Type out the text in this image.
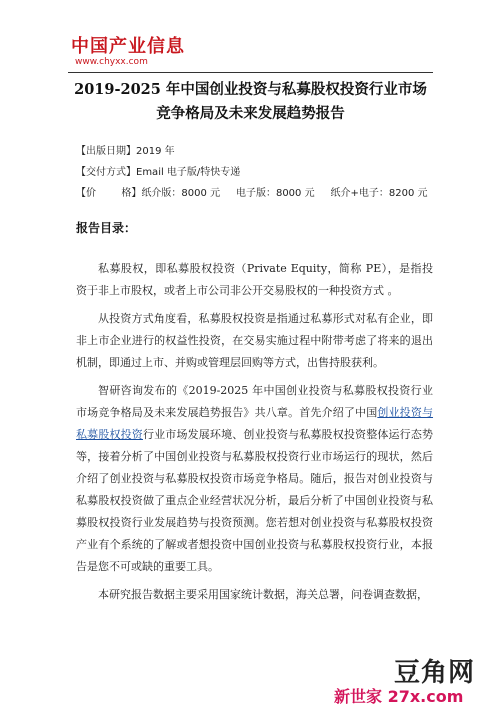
中国产业信息
www.chyxx.com
2019-2025 年中国创业投资与私募股权投资行业市场
竞争格局及未来发展趋势报告
【出版日期】2019 年
【交付方式】Email 电子版/特快专递
【价        格】纸介版：8000 元     电子版：8000 元     纸介+电子：8200 元
报告目录：

私募股权，即私募股权投资（Private Equity，简称 PE），是指投资于非上市股权，或者上市公司非公开交易股权的一种投资方式 。

从投资方式角度看，私募股权投资是指通过私募形式对私有企业，即非上市企业进行的权益性投资，在交易实施过程中附带考虑了将来的退出机制，即通过上市、并购或管理层回购等方式，出售持股获利。

智研咨询发布的《2019-2025 年中国创业投资与私募股权投资行业市场竞争格局及未来发展趋势报告》共八章。首先介绍了中国创业投资与私募股权投资行业市场发展环境、创业投资与私募股权投资整体运行态势等，接着分析了中国创业投资与私募股权投资行业市场运行的现状，然后介绍了创业投资与私募股权投资市场竞争格局。随后，报告对创业投资与私募股权投资做了重点企业经营状况分析，最后分析了中国创业投资与私募股权投资行业发展趋势与投资预测。您若想对创业投资与私募股权投资产业有个系统的了解或者想投资中国创业投资与私募股权投资行业，本报告是您不可或缺的重要工具。

本研究报告数据主要采用国家统计数据，海关总署，问卷调查数据，

豆角网
新世家 27x.com
